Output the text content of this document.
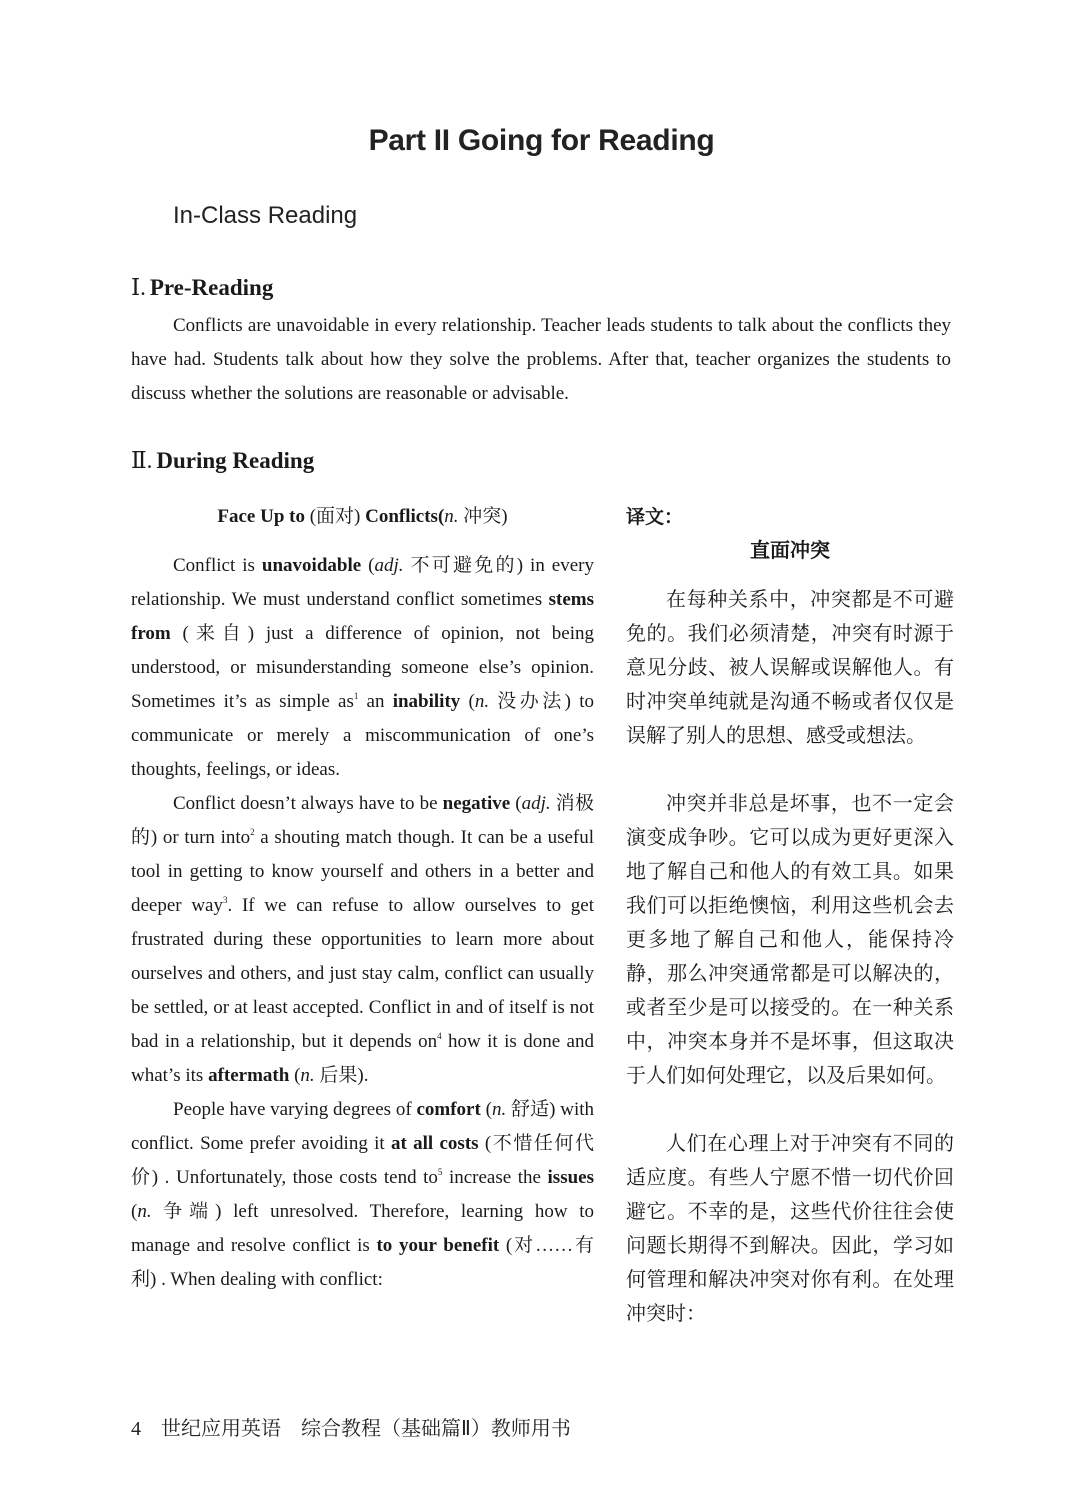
Part II Going for Reading
In-Class Reading
Ⅰ. Pre-Reading

Conflicts are unavoidable in every relationship. Teacher leads students to talk about the conflicts they have had. Students talk about how they solve the problems. After that, teacher organizes the students to discuss whether the solutions are reasonable or advisable.

Ⅱ. During Reading
Face Up to (面对) Conflicts(n. 冲突)

Conflict is unavoidable (adj. 不可避免的) in every relationship. We must understand conflict sometimes stems from (来自) just a difference of opinion, not being understood, or misunderstanding someone else’s opinion. Sometimes it’s as simple $as^1$ an inability (n. 没办法) to communicate or merely a miscommunication of one’s thoughts, feelings, or ideas.

Conflict doesn’t always have to be negative (adj. 消极的) or turn into$^2$ a shouting match though. It can be a useful tool in getting to know yourself and others in a better and deeper way$^3$. If we can refuse to allow ourselves to get frustrated during these opportunities to learn more about ourselves and others, and just stay calm, conflict can usually be settled, or at least accepted. Conflict in and of itself is not bad in a relationship, but it depends $on^4$ how it is done and what’s its aftermath (n. 后果).

People have varying degrees of comfort (n. 舒适) with conflict. Some prefer avoiding it at all costs (不惜任何代价) . Unfortunately, those costs tend $to^5$ increase the issues (n. 争端) left unresolved. Therefore, learning how to manage and resolve conflict is to your benefit (对……有利) . When dealing with conflict:

译文：
直面冲突

在每种关系中，冲突都是不可避免的。我们必须清楚，冲突有时源于意见分歧、被人误解或误解他人。有时冲突单纯就是沟通不畅或者仅仅是误解了别人的思想、感受或想法。

冲突并非总是坏事，也不一定会演变成争吵。它可以成为更好更深入地了解自己和他人的有效工具。如果我们可以拒绝懊恼，利用这些机会去更多地了解自己和他人，能保持冷静，那么冲突通常都是可以解决的，或者至少是可以接受的。在一种关系中，冲突本身并不是坏事，但这取决于人们如何处理它，以及后果如何。

人们在心理上对于冲突有不同的适应度。有些人宁愿不惜一切代价回避它。不幸的是，这些代价往往会使问题长期得不到解决。因此，学习如何管理和解决冲突对你有利。在处理冲突时：

4 世纪应用英语　综合教程（基础篇Ⅱ）教师用书
